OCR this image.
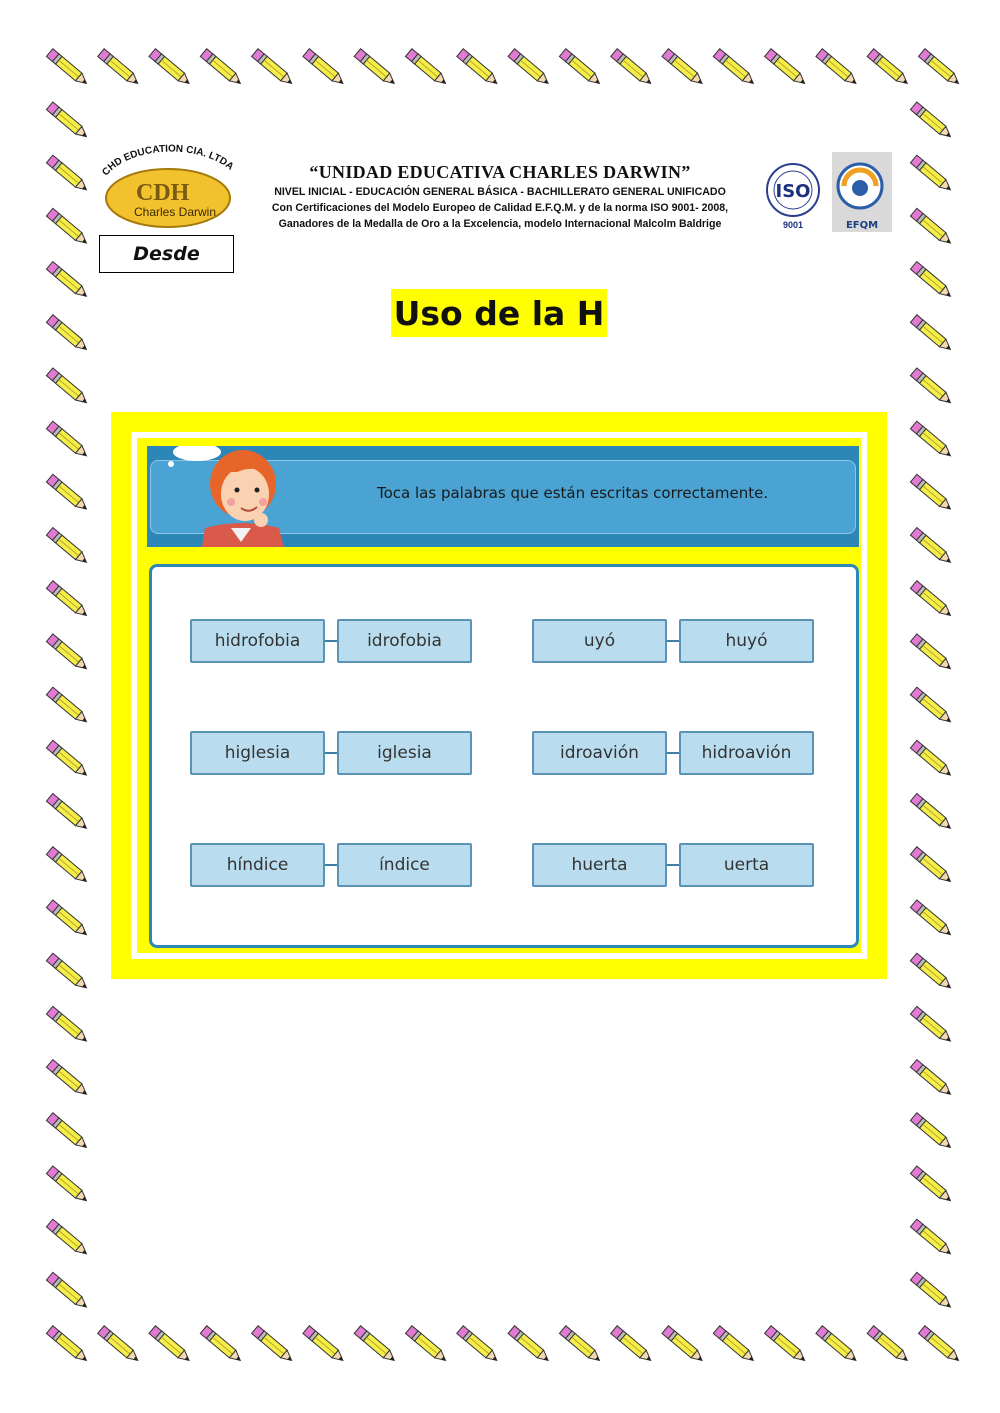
CHD EDUCATION CIA. LTDA
CDH
Charles Darwin
Desde
“UNIDAD EDUCATIVA CHARLES DARWIN”
NIVEL INICIAL - EDUCACIÓN GENERAL BÁSICA - BACHILLERATO GENERAL UNIFICADO
Con Certificaciones del Modelo Europeo de Calidad E.F.Q.M. y de la norma ISO 9001- 2008,
Ganadores de la Medalla de Oro a la Excelencia, modelo Internacional Malcolm Baldrige
ISO
9001	EFQM
Uso de la H
Toca las palabras que están escritas correctamente.
hidrofobia	idrofobia	uyó	huyó
higlesia	iglesia	idroavión	hidroavión
híndice	índice	huerta	uerta
